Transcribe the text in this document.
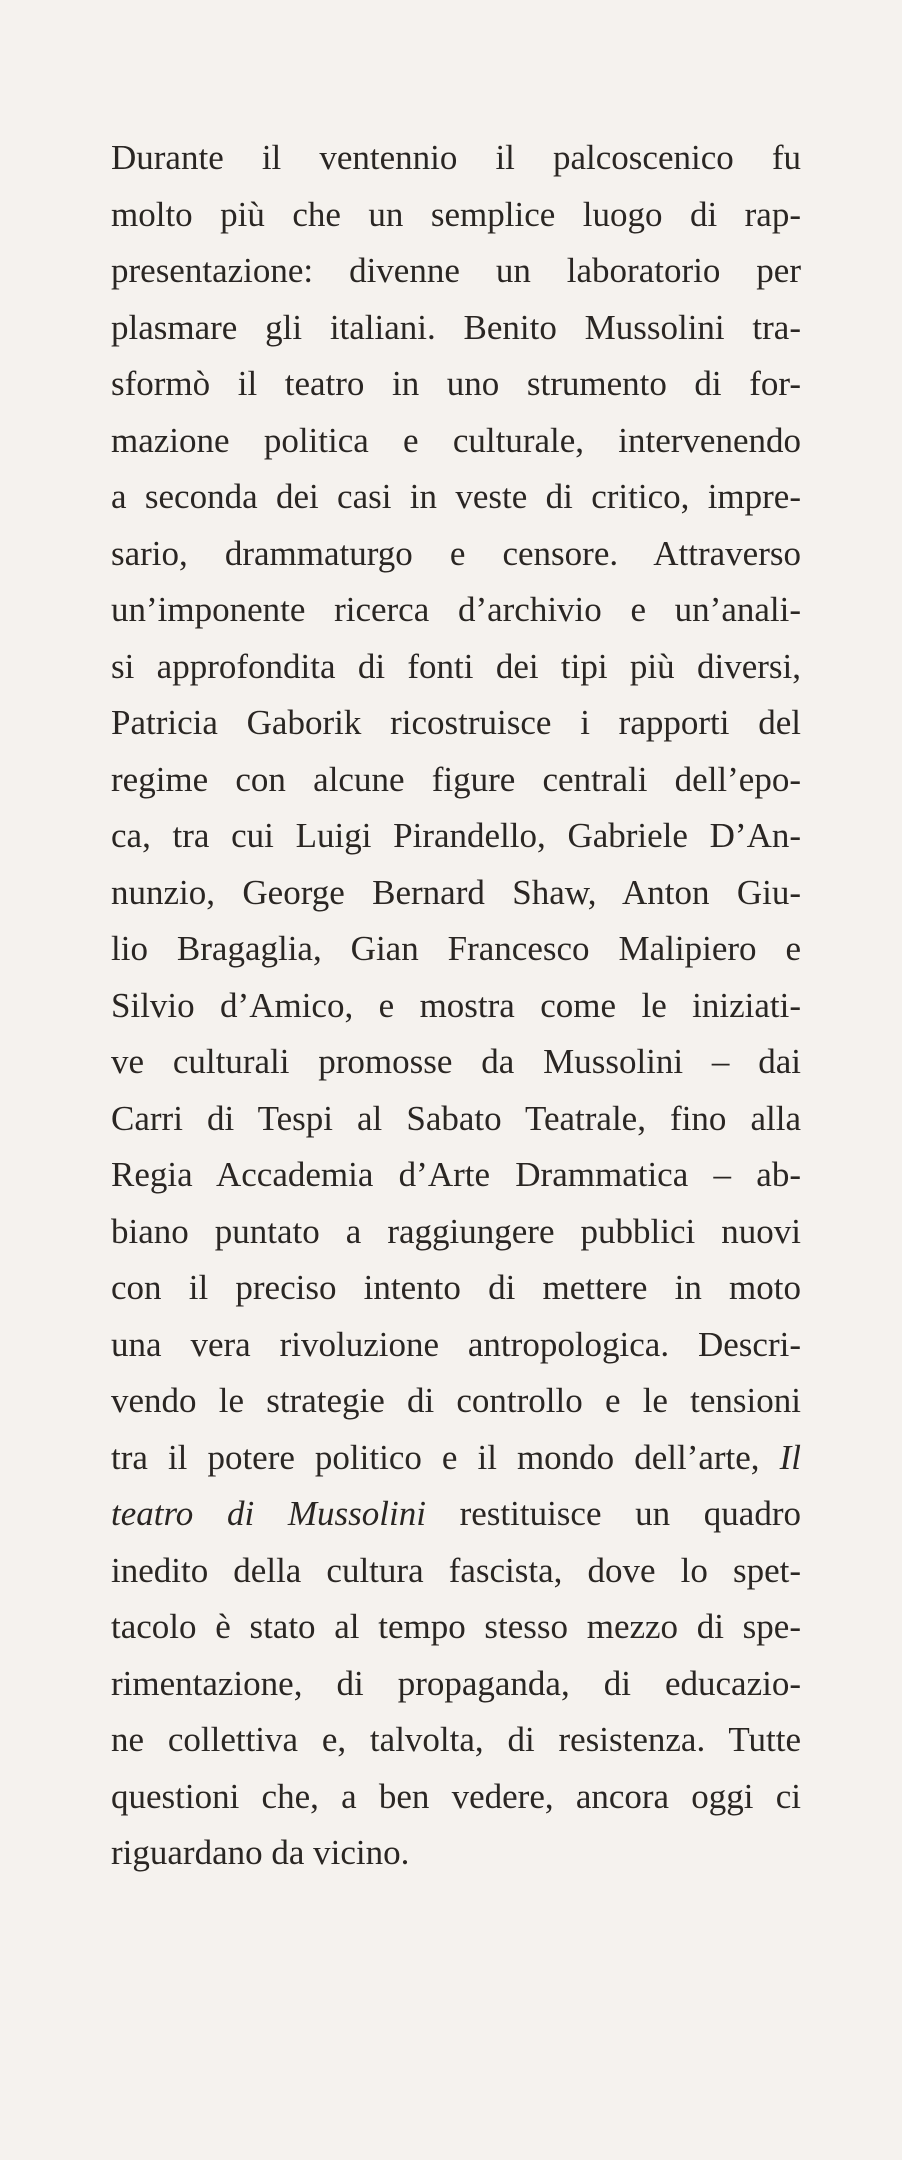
Durante il ventennio il palcoscenico fu
molto più che un semplice luogo di rap-
presentazione: divenne un laboratorio per
plasmare gli italiani. Benito Mussolini tra-
sformò il teatro in uno strumento di for-
mazione politica e culturale, intervenendo
a seconda dei casi in veste di critico, impre-
sario, drammaturgo e censore. Attraverso
un’imponente ricerca d’archivio e un’anali-
si approfondita di fonti dei tipi più diversi,
Patricia Gaborik ricostruisce i rapporti del
regime con alcune figure centrali dell’epo-
ca, tra cui Luigi Pirandello, Gabriele D’An-
nunzio, George Bernard Shaw, Anton Giu-
lio Bragaglia, Gian Francesco Malipiero e
Silvio d’Amico, e mostra come le iniziati-
ve culturali promosse da Mussolini – dai
Carri di Tespi al Sabato Teatrale, fino alla
Regia Accademia d’Arte Drammatica – ab-
biano puntato a raggiungere pubblici nuovi
con il preciso intento di mettere in moto
una vera rivoluzione antropologica. Descri-
vendo le strategie di controllo e le tensioni
tra il potere politico e il mondo dell’arte, Il
teatro di Mussolini restituisce un quadro
inedito della cultura fascista, dove lo spet-
tacolo è stato al tempo stesso mezzo di spe-
rimentazione, di propaganda, di educazio-
ne collettiva e, talvolta, di resistenza. Tutte
questioni che, a ben vedere, ancora oggi ci
riguardano da vicino.
